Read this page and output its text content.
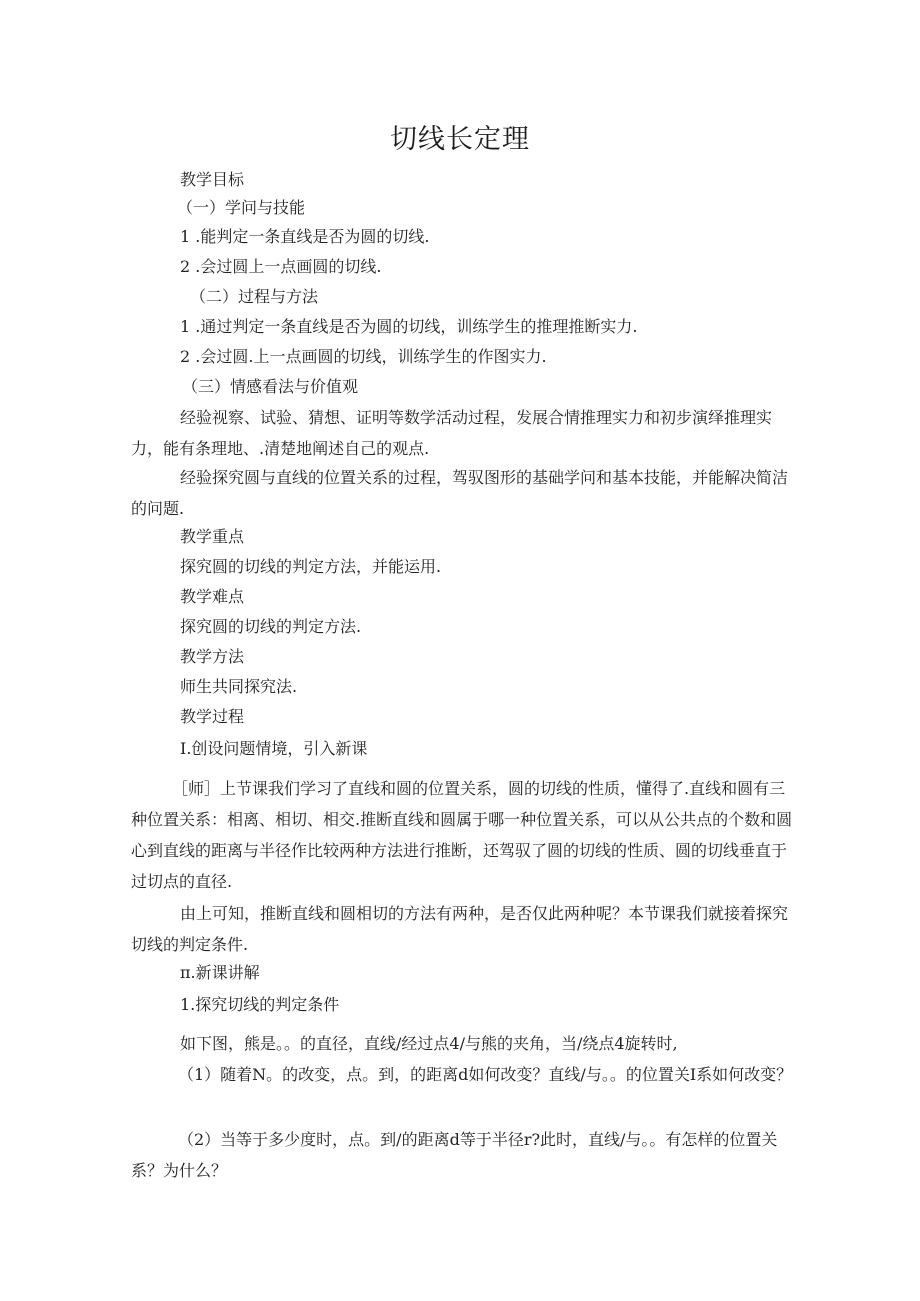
切线长定理
教学目标
（一）学问与技能
1 .能判定一条直线是否为圆的切线.
2 .会过圆上一点画圆的切线.
（二）过程与方法
1 .通过判定一条直线是否为圆的切线，训练学生的推理推断实力.
2 .会过圆.上一点画圆的切线，训练学生的作图实力.
（三）情感看法与价值观
经验视察、试验、猜想、证明等数学活动过程，发展合情推理实力和初步演绎推理实力，能有条理地、.清楚地阐述自己的观点.
经验探究圆与直线的位置关系的过程，驾驭图形的基础学问和基本技能，并能解决简洁的问题.
教学重点
探究圆的切线的判定方法，并能运用.
教学难点
探究圆的切线的判定方法.
教学方法
师生共同探究法.
教学过程
I.创设问题情境，引入新课
［师］上节课我们学习了直线和圆的位置关系，圆的切线的性质，懂得了.直线和圆有三种位置关系：相离、相切、相交.推断直线和圆属于哪一种位置关系，可以从公共点的个数和圆心到直线的距离与半径作比较两种方法进行推断，还驾驭了圆的切线的性质、圆的切线垂直于过切点的直径.
由上可知，推断直线和圆相切的方法有两种，是否仅此两种呢？本节课我们就接着探究切线的判定条件.
π.新课讲解
1.探究切线的判定条件
如下图，熊是。。的直径，直线/经过点4/与熊的夹角，当/绕点4旋转时,
（1）随着N。的改变，点。到，的距离d如何改变？直线/与。。的位置关I系如何改变？
（2）当等于多少度时，点。到/的距离d等于半径r?此时，直线/与。。有怎样的位置关系？为什么？
